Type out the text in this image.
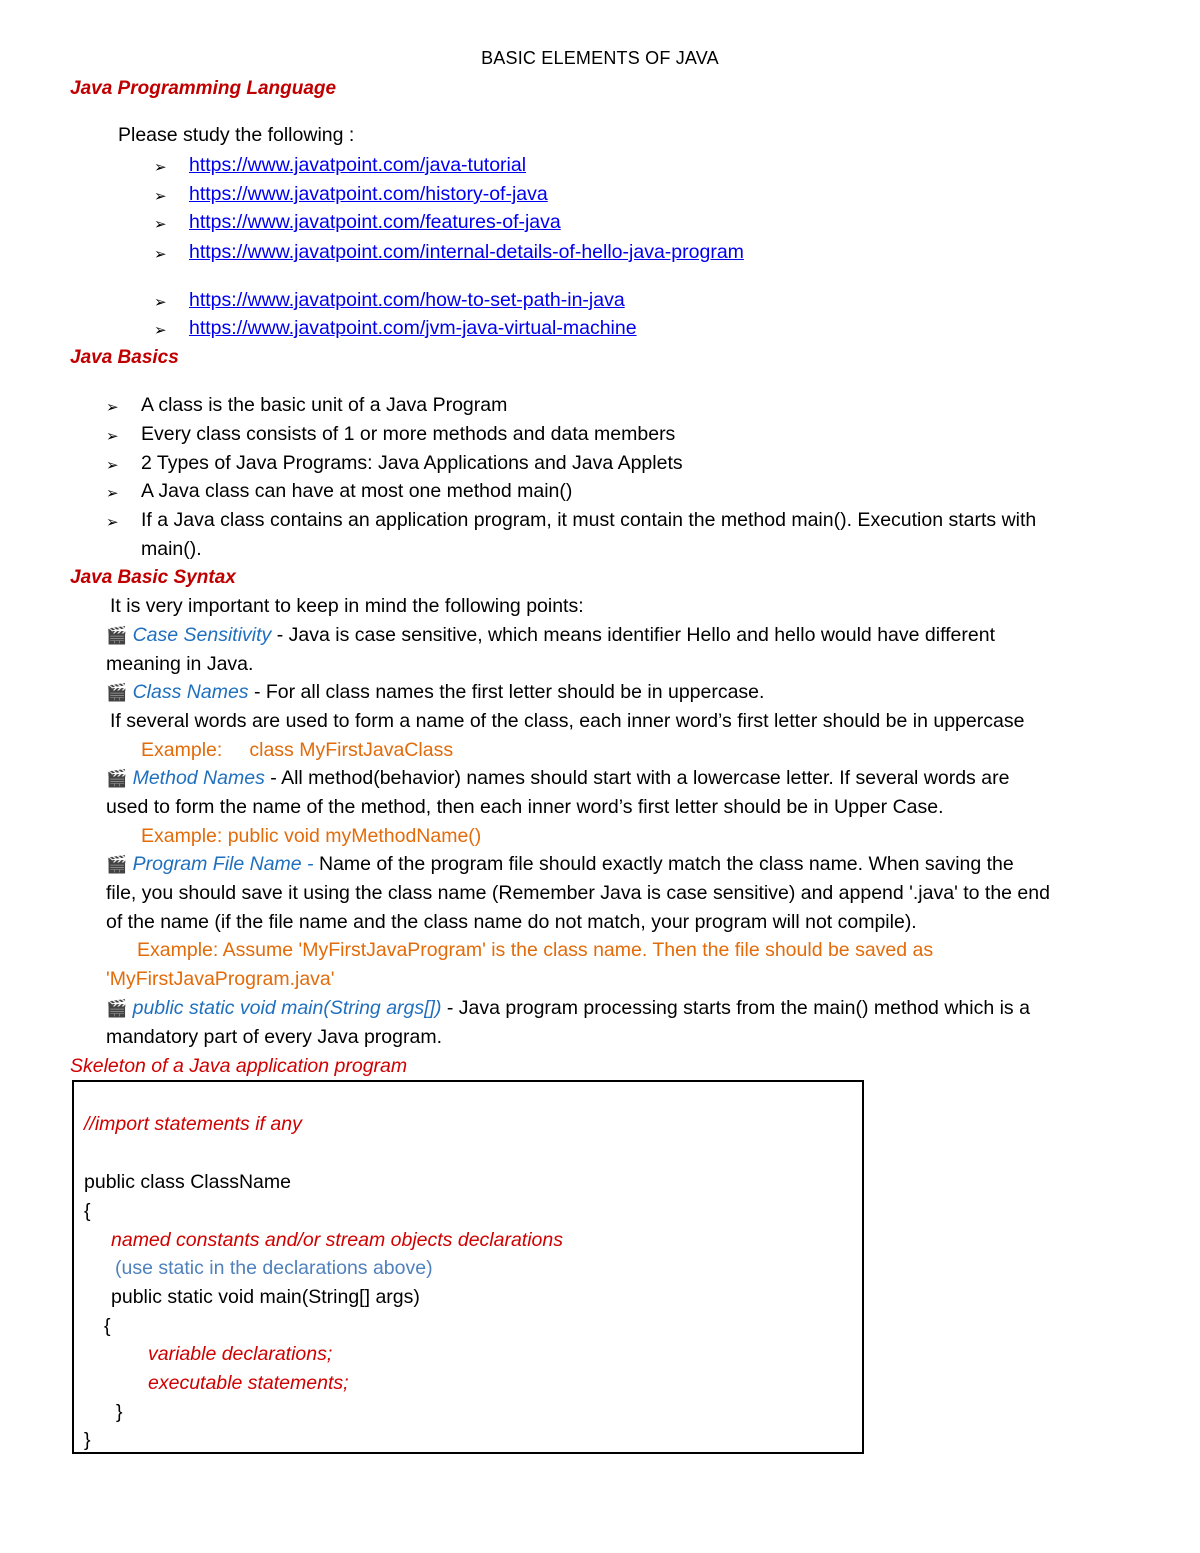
BASIC ELEMENTS OF JAVA
Java Programming Language
Please study the following :
➢ https://www.javatpoint.com/java-tutorial
➢ https://www.javatpoint.com/history-of-java
➢ https://www.javatpoint.com/features-of-java
➢ https://www.javatpoint.com/internal-details-of-hello-java-program
➢ https://www.javatpoint.com/how-to-set-path-in-java
➢ https://www.javatpoint.com/jvm-java-virtual-machine
Java Basics
➢ A class is the basic unit of a Java Program
➢ Every class consists of 1 or more methods and data members
➢ 2 Types of Java Programs: Java Applications and Java Applets
➢ A Java class can have at most one method main()
➢ If a Java class contains an application program, it must contain the method main(). Execution starts with
main().
Java Basic Syntax
It is very important to keep in mind the following points:
🎬 Case Sensitivity - Java is case sensitive, which means identifier Hello and hello would have different
meaning in Java.
🎬 Class Names - For all class names the first letter should be in uppercase.
If several words are used to form a name of the class, each inner word’s first letter should be in uppercase
Example:     class MyFirstJavaClass
🎬 Method Names - All method(behavior) names should start with a lowercase letter. If several words are
used to form the name of the method, then each inner word’s first letter should be in Upper Case.
Example: public void myMethodName()
🎬 Program File Name - Name of the program file should exactly match the class name. When saving the
file, you should save it using the class name (Remember Java is case sensitive) and append '.java' to the end
of the name (if the file name and the class name do not match, your program will not compile).
Example: Assume 'MyFirstJavaProgram' is the class name. Then the file should be saved as
'MyFirstJavaProgram.java'
🎬 public static void main(String args[]) - Java program processing starts from the main() method which is a
mandatory part of every Java program.
Skeleton of a Java application program
//import statements if any
public class ClassName
{
named constants and/or stream objects declarations
(use static in the declarations above)
public static void main(String[] args)
{
variable declarations;
executable statements;
}
}
